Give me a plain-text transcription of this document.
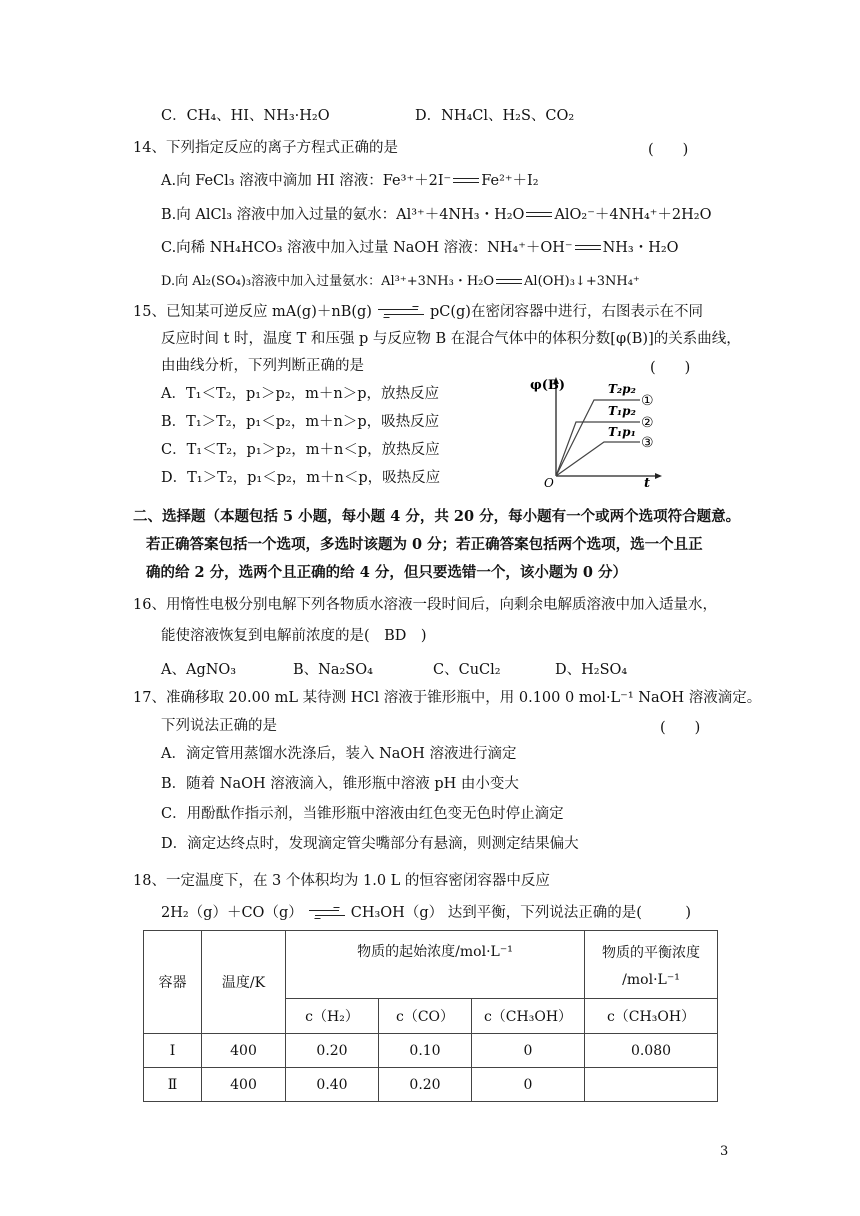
C．CH₄、HI、NH₃·H₂O	D．NH₄Cl、H₂S、CO₂
14、下列指定反应的离子方程式正确的是	(　　)
A.向 FeCl₃ 溶液中滴加 HI 溶液：Fe³⁺＋2I⁻ Fe²⁺＋I₂
B.向 AlCl₃ 溶液中加入过量的氨水：Al³⁺＋4NH₃・H₂O AlO₂⁻＋4NH₄⁺＋2H₂O
C.向稀 NH₄HCO₃ 溶液中加入过量 NaOH 溶液：NH₄⁺＋OH⁻ NH₃・H₂O
D.向 Al₂(SO₄)₃溶液中加入过量氨水：Al³⁺+3NH₃・H₂O Al(OH)₃↓+3NH₄⁺
15、已知某可逆反应 mA(g)＋nB(g) → pC(g)在密闭容器中进行，右图表示在不同
反应时间 t 时，温度 T 和压强 p 与反应物 B 在混合气体中的体积分数[φ(B)]的关系曲线，
由曲线分析，下列判断正确的是	(　　)
A．T₁＜T₂，p₁＞p₂，m＋n＞p，放热反应
B．T₁＞T₂，p₁＜p₂，m＋n＞p，吸热反应
C．T₁＜T₂，p₁＞p₂，m＋n＜p，放热反应
D．T₁＞T₂，p₁＜p₂，m＋n＜p，吸热反应
φ(B)
t
O
T₂p₂
T₁p₂
T₁p₁
①
②
③
二、选择题（本题包括 5 小题，每小题 4 分，共 20 分，每小题有一个或两个选项符合题意。
若正确答案包括一个选项，多选时该题为 0 分；若正确答案包括两个选项，选一个且正
确的给 2 分，选两个且正确的给 4 分，但只要选错一个，该小题为 0 分）
16、用惰性电极分别电解下列各物质水溶液一段时间后，向剩余电解质溶液中加入适量水，
能使溶液恢复到电解前浓度的是(　BD　)
A、AgNO₃	B、Na₂SO₄	C、CuCl₂	D、H₂SO₄
17、准确移取 20.00 mL 某待测 HCl 溶液于锥形瓶中，用 0.100 0 mol·L⁻¹ NaOH 溶液滴定。
下列说法正确的是	(　　)
A．滴定管用蒸馏水洗涤后，装入 NaOH 溶液进行滴定
B．随着 NaOH 溶液滴入，锥形瓶中溶液 pH 由小变大
C．用酚酞作指示剂，当锥形瓶中溶液由红色变无色时停止滴定
D．滴定达终点时，发现滴定管尖嘴部分有悬滴，则测定结果偏大
18、一定温度下，在 3 个体积均为 1.0 L 的恒容密闭容器中反应
2H₂（g）＋CO（g） → CH₃OH（g） 达到平衡，下列说法正确的是(　　　)
容器	温度/K	物质的起始浓度/mol·L⁻¹			物质的平衡浓度
/mol·L⁻¹

		c（H₂）	c（CO）	c（CH₃OH）	c（CH₃OH）
Ⅰ	400	0.20	0.10	0	0.080
Ⅱ	400	0.40	0.20	0	
3
